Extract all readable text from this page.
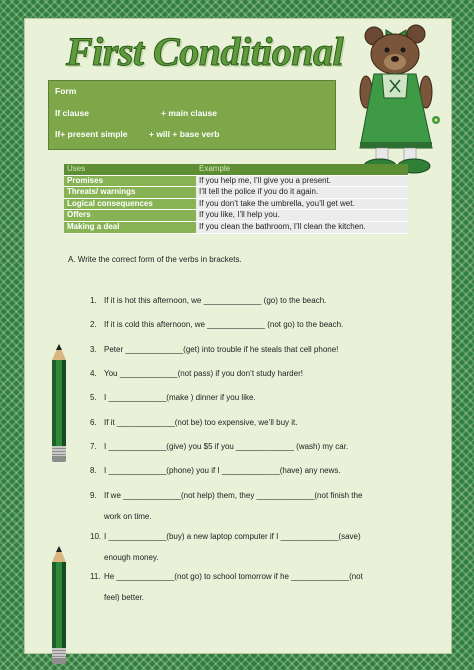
First Conditional
Form
If clause	+ main clause
If+ present simple	+ will + base verb
Uses	Example
Promises	If you help me, I’ll give you a present.
Threats/ warnings	I’ll tell the police if you do it again.
Logical consequences	If you don’t take the umbrella, you’ll get wet.
Offers	If you like, I’ll help you.
Making a deal	If you clean the bathroom, I’ll clean the kitchen.
A. Write the correct form of the verbs in brackets.
1. If it is hot this afternoon, we _____________ (go) to the beach.
2. If it is cold this afternoon, we _____________ (not go) to the beach.
3. Peter _____________(get) into trouble if he steals that cell phone!
4. You _____________(not pass) if you don’t study harder!
5. I _____________(make ) dinner if you like.
6. If it _____________(not be) too expensive, we’ll buy it.
7. I _____________(give) you $5 if you _____________ (wash) my car.
8. I _____________(phone) you if I _____________(have) any news.
9. If we _____________(not help) them, they _____________(not finish the
work on time.
10. I _____________(buy) a new laptop computer if I _____________(save)
enough money.
11. He _____________(not go) to school tomorrow if he _____________(not
feel) better.
